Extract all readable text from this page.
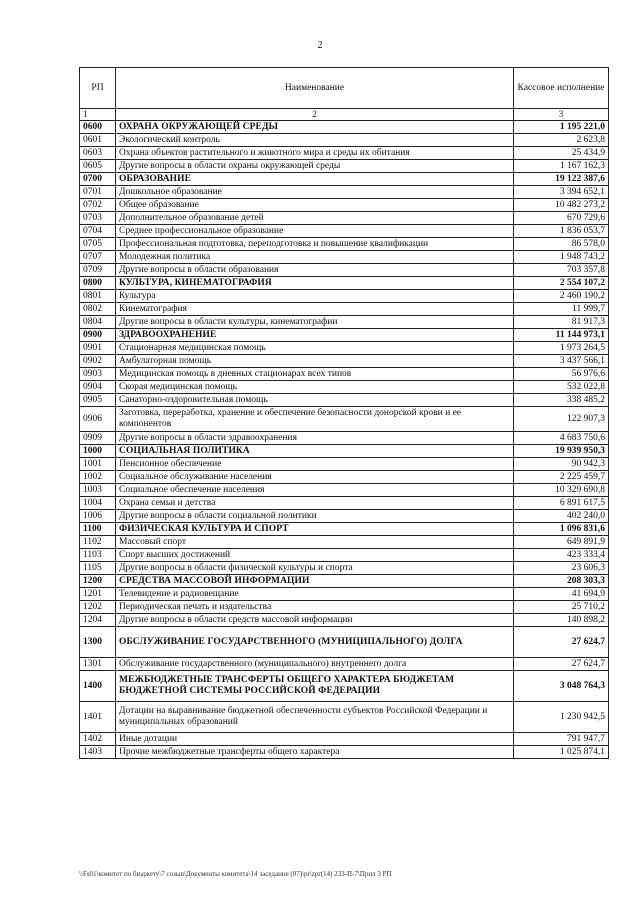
2
РП	Наименование	Кассовое исполнение
1	2	3
0600	ОХРАНА ОКРУЖАЮЩЕЙ СРЕДЫ	1 195 221,0
0601	Экологический контроль	2 623,8
0603	Охрана объектов растительного и животного мира и среды их обитания	25 434,9
0605	Другие вопросы в области охраны окружающей среды	1 167 162,3
0700	ОБРАЗОВАНИЕ	19 122 387,6
0701	Дошкольное образование	3 394 652,1
0702	Общее образование	10 482 273,2
0703	Дополнительное образование детей	670 729,6
0704	Среднее профессиональное образование	1 836 053,7
0705	Профессиональная подготовка, переподготовка и повышение квалификации	86 578,0
0707	Молодежная политика	1 948 743,2
0709	Другие вопросы в области образования	703 357,8
0800	КУЛЬТУРА, КИНЕМАТОГРАФИЯ	2 554 107,2
0801	Культура	2 460 190,2
0802	Кинематография	11 999,7
0804	Другие вопросы в области культуры, кинематографии	81 917,3
0900	ЗДРАВООХРАНЕНИЕ	11 144 973,1
0901	Стационарная медицинская помощь	1 973 264,5
0902	Амбулаторная помощь	3 437 566,1
0903	Медицинская помощь в дневных стационарах всех типов	56 976,6
0904	Скорая медицинская помощь	532 022,8
0905	Санаторно-оздоровительная помощь	338 485,2
0906	Заготовка, переработка, хранение и обеспечение безопасности донорской крови и ее компонентов	122 907,3
0909	Другие вопросы в области здравоохранения	4 683 750,6
1000	СОЦИАЛЬНАЯ ПОЛИТИКА	19 939 950,3
1001	Пенсионное обеспечение	90 942,3
1002	Социальное обслуживание населения	2 225 459,7
1003	Социальное обеспечение населения	10 329 690,8
1004	Охрана семьи и детства	6 891 617,5
1006	Другие вопросы в области социальной политики	402 240,0
1100	ФИЗИЧЕСКАЯ КУЛЬТУРА И СПОРТ	1 096 831,6
1102	Массовый спорт	649 891,9
1103	Спорт высших достижений	423 333,4
1105	Другие вопросы в области физической культуры и спорта	23 606,3
1200	СРЕДСТВА МАССОВОЙ ИНФОРМАЦИИ	208 303,3
1201	Телевидение и радиовещание	41 694,9
1202	Периодическая печать и издательства	25 710,2
1204	Другие вопросы в области средств массовой информации	140 898,2
1300	ОБСЛУЖИВАНИЕ ГОСУДАРСТВЕННОГО (МУНИЦИПАЛЬНОГО) ДОЛГА	27 624,7
1301	Обслуживание государственного (муниципального) внутреннего долга	27 624,7
1400	МЕЖБЮДЖЕТНЫЕ ТРАНСФЕРТЫ ОБЩЕГО ХАРАКТЕРА БЮДЖЕТАМ БЮДЖЕТНОЙ СИСТЕМЫ РОССИЙСКОЙ ФЕДЕРАЦИИ	3 048 764,3
1401	Дотации на выравнивание бюджетной обеспеченности субъектов Российской Федерации и муниципальных образований	1 230 942,5
1402	Иные дотации	791 947,7
1403	Прочие межбюджетные трансферты общего характера	1 025 874,1
\\Fs01\комитет по бюджету\7 созыв\Документы комитета\14 заседание (07)\pr\zpr(14) 233-П-7\Прил 3 РП
